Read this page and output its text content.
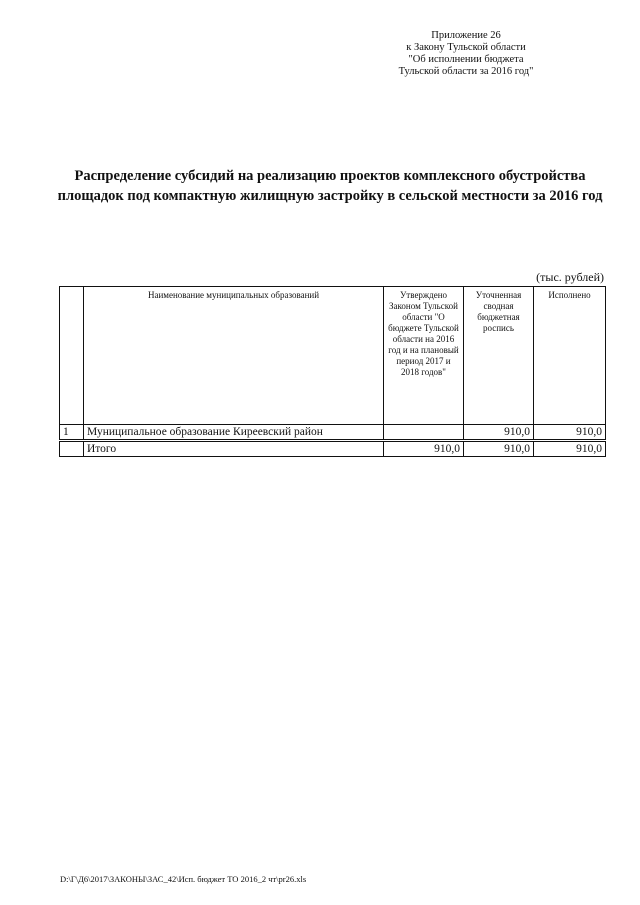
Приложение 26
к Закону Тульской области
"Об исполнении бюджета
Тульской области за 2016 год"
Распределение субсидий на реализацию проектов комплексного обустройства
площадок под компактную жилищную застройку в сельской местности за 2016 год
(тыс. рублей)
	Наименование муниципальных образований	Утверждено Законом Тульской области "О бюджете Тульской области на 2016 год и на плановый период 2017 и 2018 годов"	Уточненная сводная бюджетная роспись	Исполнено
1	Муниципальное образование Киреевский район		910,0	910,0
	Итого	910,0	910,0	910,0
D:\Г\Д6\2017\ЗАКОНЫ\ЗАС_42\Исп. бюджет ТО 2016_2 чт\pr26.xls
